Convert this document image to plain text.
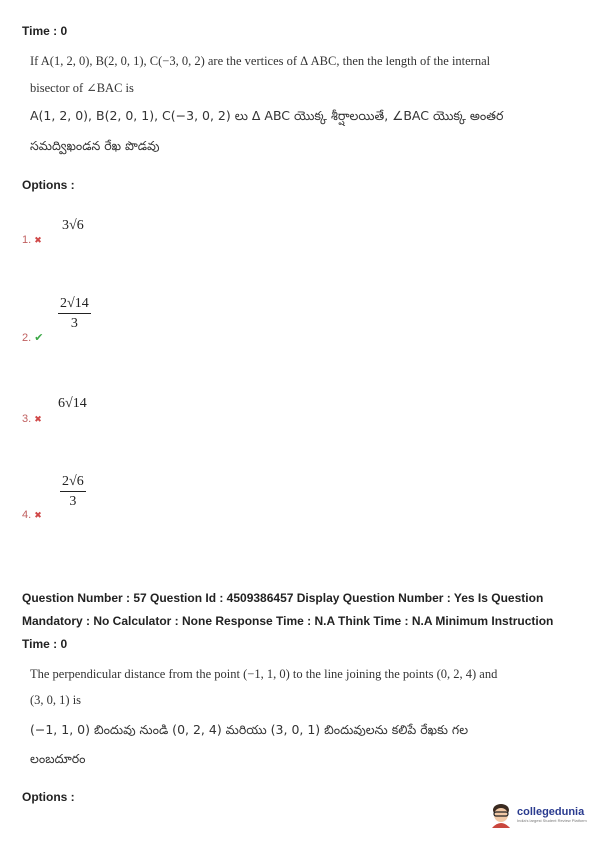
Time : 0
If A(1, 2, 0), B(2, 0, 1), C(−3, 0, 2) are the vertices of Δ ABC, then the length of the internal
bisector of ∠BAC is
A(1, 2, 0), B(2, 0, 1), C(−3, 0, 2) లు Δ ABC యొక్క శీర్షాలయితే, ∠BAC యొక్క అంతర
సమద్విఖండన రేఖ పొడవు
Options :
3√6
1. ✖
$\frac{2√14}{3}$
2. ✔
6√14
3. ✖
$\frac{2√6}{3}$
4. ✖
Question Number : 57 Question Id : 4509386457 Display Question Number : Yes Is Question
Mandatory : No Calculator : None Response Time : N.A Think Time : N.A Minimum Instruction
Time : 0
The perpendicular distance from the point (−1, 1, 0) to the line joining the points (0, 2, 4) and
(3, 0, 1) is
(−1, 1, 0) బిందువు నుండి (0, 2, 4) మరియు (3, 0, 1) బిందువులను కలిపే రేఖకు గల
లంబదూరం
Options :
collegedunia
India's largest Student Review Platform
